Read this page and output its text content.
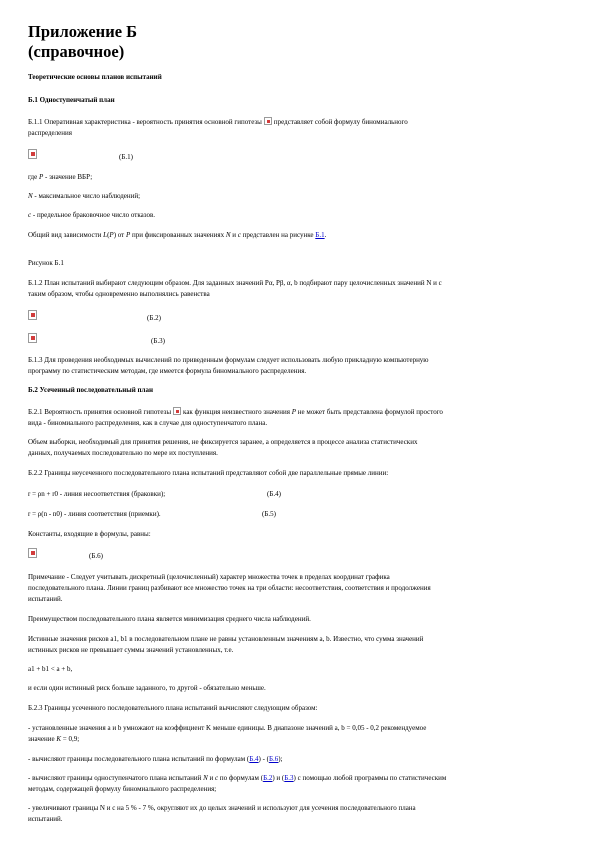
Приложение Б
(справочное)
Теоретические основы планов испытаний
Б.1 Одноступенчатый план
Б.1.1 Оперативная характеристика - вероятность принятия основной гипотезы представляет собой формулу биномиального
распределения
(Б.1)
где P - значение ВБР;
N - максимальное число наблюдений;
c - предельное браковочное число отказов.
Общий вид зависимости L(P) от P при фиксированных значениях N и c представлен на рисунке Б.1.
Рисунок Б.1
Б.1.2 План испытаний выбирают следующим образом. Для заданных значений Pα, Pβ, α, b подбирают пару целочисленных значений N и c
таким образом, чтобы одновременно выполнялись равенства
(Б.2)
(Б.3)
Б.1.3 Для проведения необходимых вычислений по приведенным формулам следует использовать любую прикладную компьютерную
программу по статистическим методам, где имеется формула биномиального распределения.
Б.2 Усеченный последовательный план
Б.2.1 Вероятность принятия основной гипотезы как функция неизвестного значения P не может быть представлена формулой простого
вида - биномиального распределения, как в случае для одноступенчатого плана.
Объем выборки, необходимый для принятия решения, не фиксируется заранее, а определяется в процессе анализа статистических
данных, получаемых последовательно по мере их поступления.
Б.2.2 Границы неусеченного последовательного плана испытаний представляют собой две параллельные прямые линии:
r = ρn + r0 - линия несоответствия (браковки);	(Б.4)
r = ρ(n - n0) - линия соответствия (приемки).	(Б.5)
Константы, входящие в формулы, равны:
(Б.6)
Примечание - Следует учитывать дискретный (целочисленный) характер множества точек в пределах координат графика
последовательного плана. Линии границ разбивают все множество точек на три области: несоответствия, соответствия и продолжения
испытаний.
Преимуществом последовательного плана является минимизация среднего числа наблюдений.
Истинные значения рисков а1, b1 в последовательном плане не равны установленным значениям а, b. Известно, что сумма значений
истинных рисков не превышает суммы значений установленных, т.е.
a1 + b1 < a + b,
и если один истинный риск больше заданного, то другой - обязательно меньше.
Б.2.3 Границы усеченного последовательного плана испытаний вычисляют следующим образом:
- установленные значения a и b умножают на коэффициент K меньше единицы. В диапазоне значений а, b = 0,05 - 0,2 рекомендуемое
значение K = 0,9;
- вычисляют границы последовательного плана испытаний по формулам (Б.4) - (Б.6);
- вычисляют границы одноступенчатого плана испытаний N и c по формулам (Б.2) и (Б.3) с помощью любой программы по статистическим
методам, содержащей формулу биномиального распределения;
- увеличивают границы N и c на 5 % - 7 %, округляют их до целых значений и используют для усечения последовательного плана
испытаний.
